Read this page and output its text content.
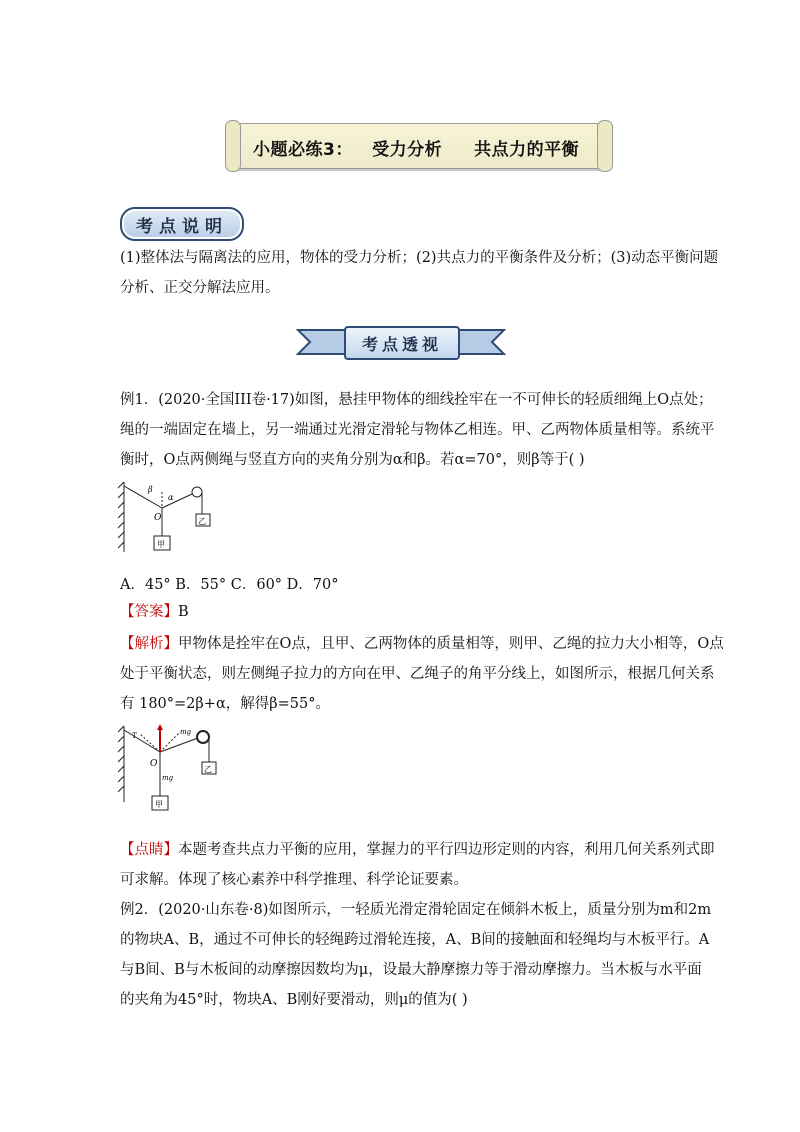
小题必练3：   受力分析     共点力的平衡
考点说明
(1)整体法与隔离法的应用，物体的受力分析；(2)共点力的平衡条件及分析；(3)动态平衡问题
分析、正交分解法应用。
考点透视
例1．(2020·全国III卷·17)如图，悬挂甲物体的细线拴牢在一不可伸长的轻质细绳上O点处；
绳的一端固定在墙上，另一端通过光滑定滑轮与物体乙相连。甲、乙两物体质量相等。系统平
衡时，O点两侧绳与竖直方向的夹角分别为α和β。若α=70°，则β等于( )
β
α
O	乙
甲
A．45° B．55° C．60° D．70°
【答案】B
【解析】甲物体是拴牢在O点，且甲、乙两物体的质量相等，则甲、乙绳的拉力大小相等，O点
处于平衡状态，则左侧绳子拉力的方向在甲、乙绳子的角平分线上，如图所示，根据几何关系
有 180°=2β+α，解得β=55°。
T	mg
O
mg
乙
甲
【点睛】本题考查共点力平衡的应用，掌握力的平行四边形定则的内容，利用几何关系列式即
可求解。体现了核心素养中科学推理、科学论证要素。
例2．(2020·山东卷·8)如图所示，一轻质光滑定滑轮固定在倾斜木板上，质量分别为m和2m
的物块A、B，通过不可伸长的轻绳跨过滑轮连接，A、B间的接触面和轻绳均与木板平行。A
与B间、B与木板间的动摩擦因数均为μ，设最大静摩擦力等于滑动摩擦力。当木板与水平面
的夹角为45°时，物块A、B刚好要滑动，则μ的值为( )
